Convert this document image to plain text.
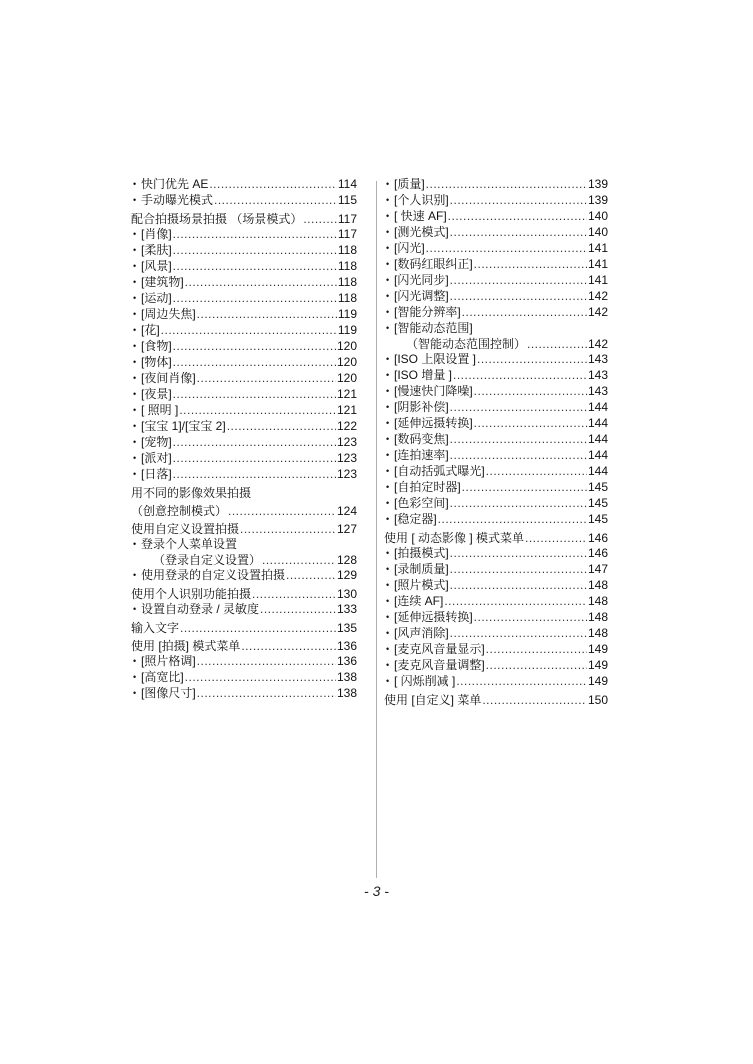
• 快门优先 AE .....	114
• 手动曝光模式 .....	115
配合拍摄场景拍摄 （场景模式） .....	117
• [肖像] .....	117
• [柔肤] .....	118
• [风景] .....	118
• [建筑物] .....	118
• [运动] .....	118
• [周边失焦] .....	119
• [花] .....	119
• [食物] .....	120
• [物体] .....	120
• [夜间肖像] .....	120
• [夜景] .....	121
• [ 照明 ] .....	121
• [宝宝 1]/[宝宝 2] .....	122
• [宠物] .....	123
• [派对] .....	123
• [日落] .....	123
用不同的影像效果拍摄
（创意控制模式） .....	124
使用自定义设置拍摄 .....	127
• 登录个人菜单设置
（登录自定义设置） .....	128
• 使用登录的自定义设置拍摄 .....	129
使用个人识别功能拍摄 .....	130
• 设置自动登录 / 灵敏度 .....	133
输入文字 .....	135
使用 [拍摄] 模式菜单 .....	136
• [照片格调] .....	136
• [高宽比] .....	138
• [图像尺寸] .....	138
• [质量] .....	139
• [个人识别] .....	139
• [ 快速 AF] .....	140
• [测光模式] .....	140
• [闪光] .....	141
• [数码红眼纠正] .....	141
• [闪光同步] .....	141
• [闪光调整] .....	142
• [智能分辨率] .....	142
• [智能动态范围]
（智能动态范围控制） .....	142
• [ISO 上限设置 ] .....	143
• [ISO 增量 ] .....	143
• [慢速快门降噪] .....	143
• [阴影补偿] .....	144
• [延伸远摄转换] .....	144
• [数码变焦] .....	144
• [连拍速率] .....	144
• [自动括弧式曝光] .....	144
• [自拍定时器] .....	145
• [色彩空间] .....	145
• [稳定器] .....	145
使用 [ 动态影像 ] 模式菜单 .....	146
• [拍摄模式] .....	146
• [录制质量] .....	147
• [照片模式] .....	148
• [连续 AF] .....	148
• [延伸远摄转换] .....	148
• [风声消除] .....	148
• [麦克风音量显示] .....	149
• [麦克风音量调整] .....	149
• [ 闪烁削减 ] .....	149
使用 [自定义] 菜单 .....	150
- 3 -
